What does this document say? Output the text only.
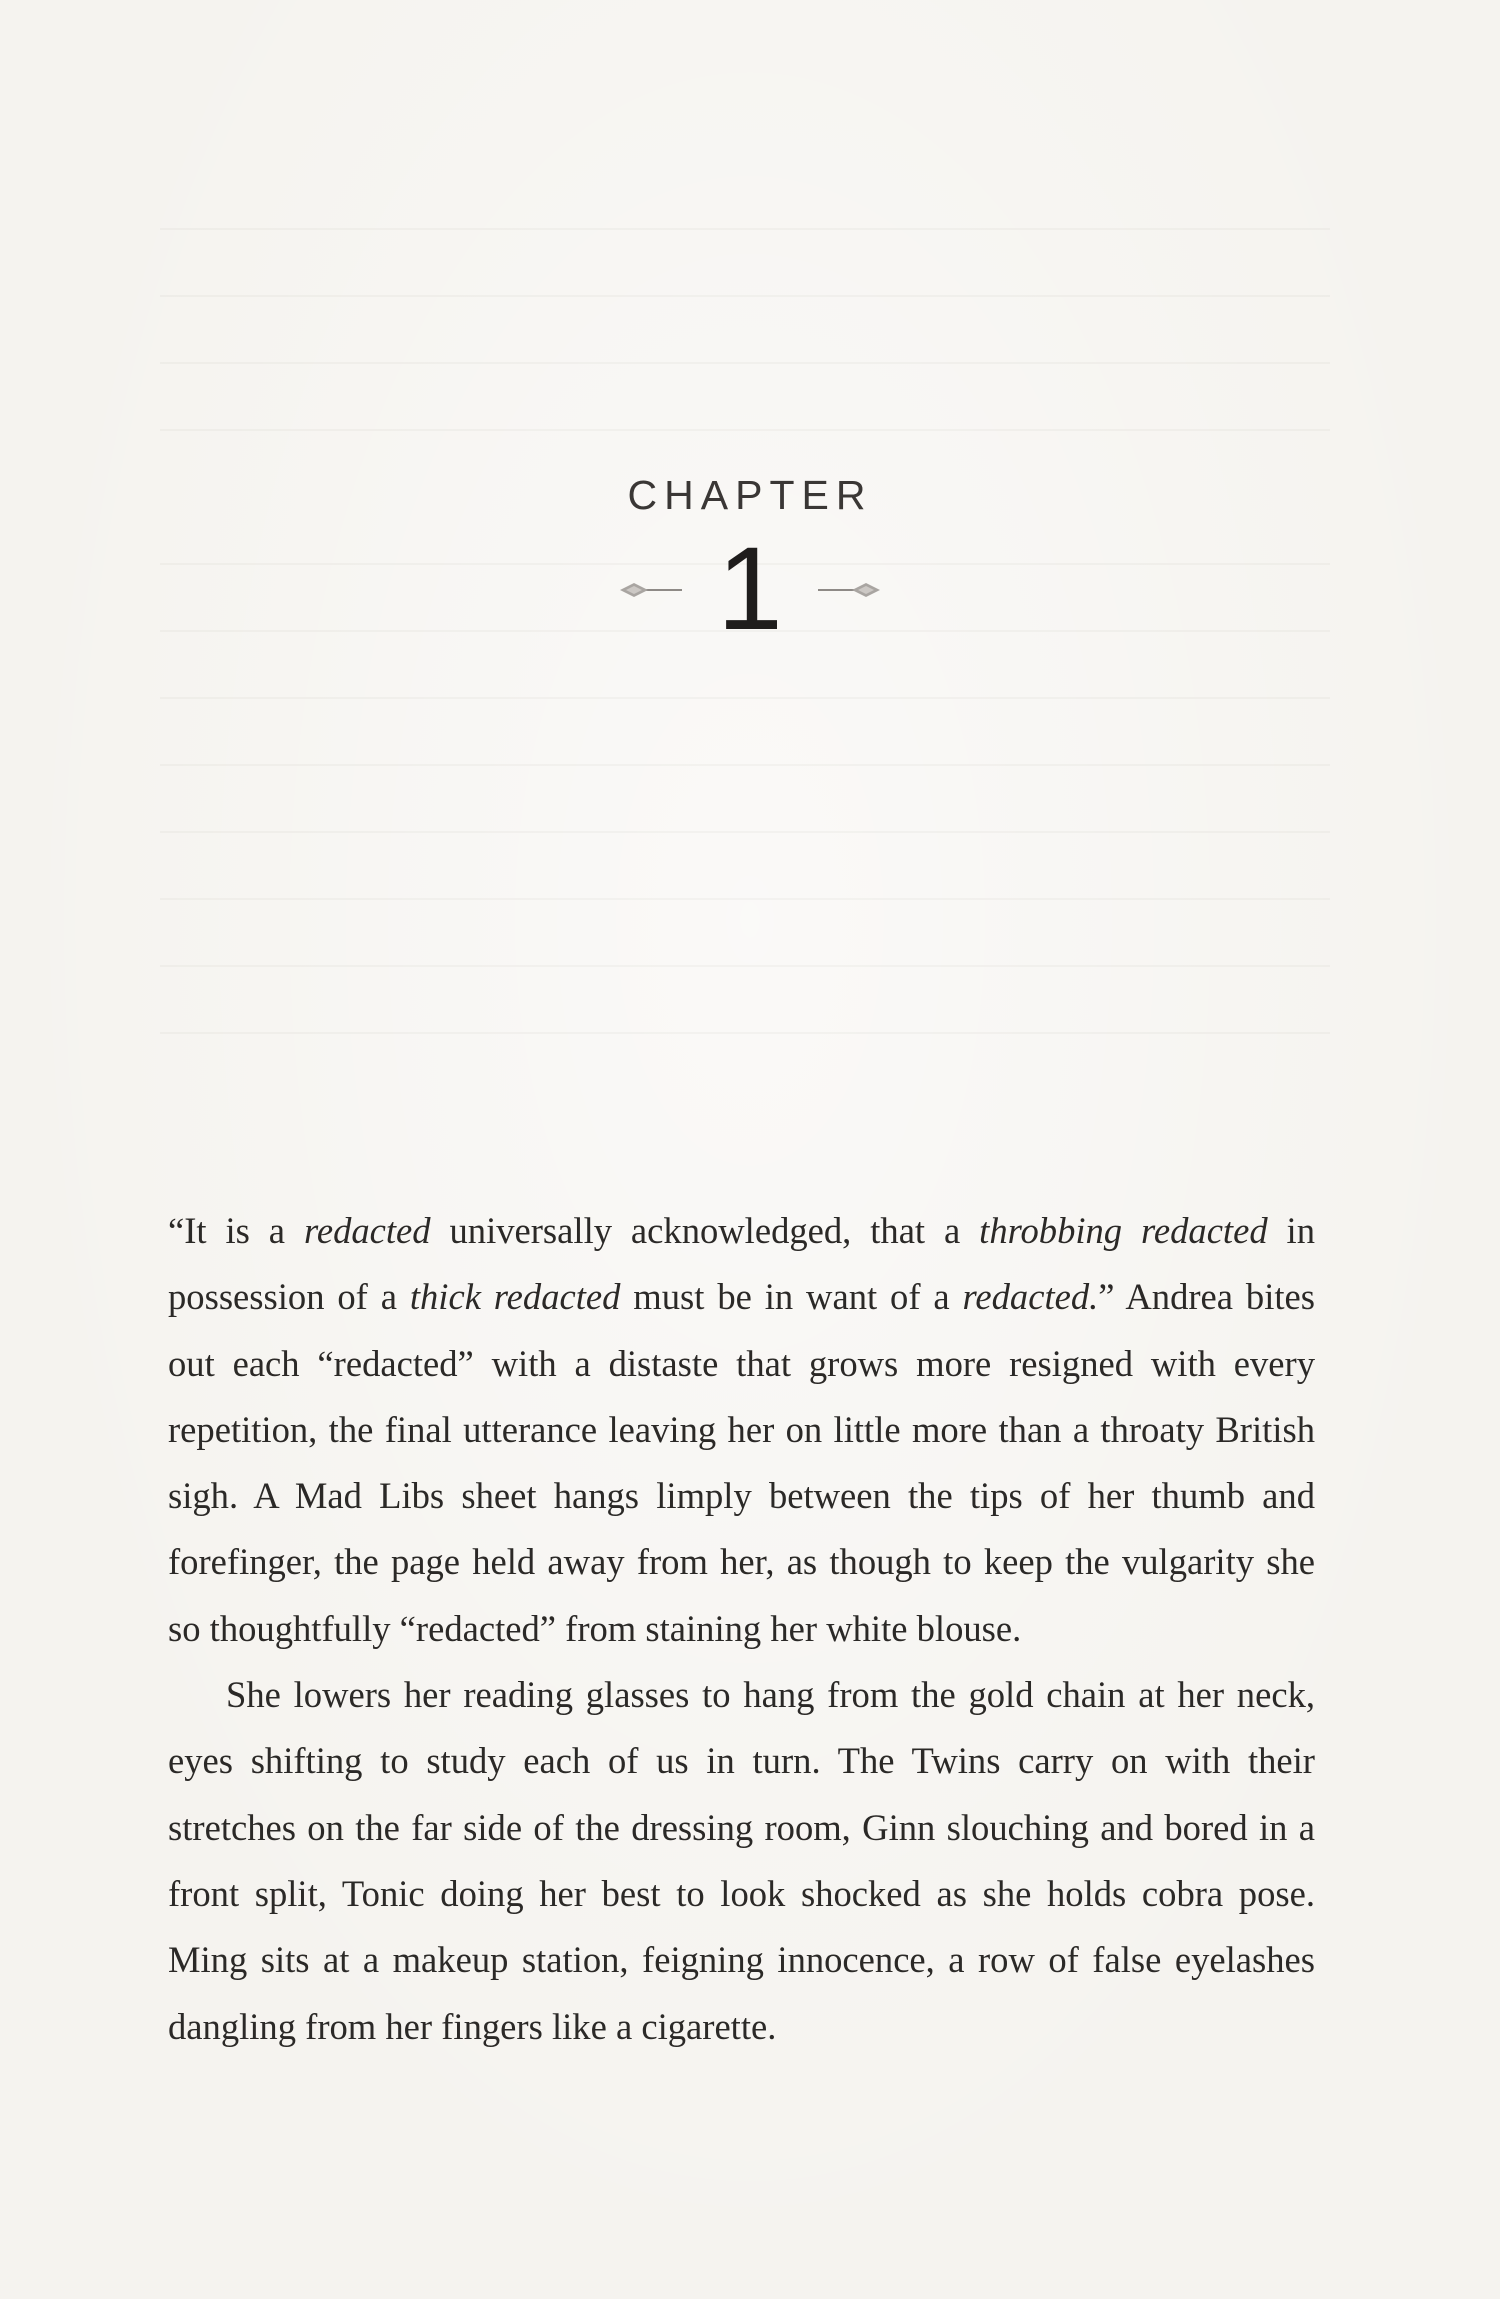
CHAPTER
1

“It is a redacted universally acknowledged, that a throbbing redacted in possession of a thick redacted must be in want of a redacted.” Andrea bites out each “redacted” with a distaste that grows more resigned with every repetition, the final utterance leaving her on little more than a throaty British sigh. A Mad Libs sheet hangs limply between the tips of her thumb and forefinger, the page held away from her, as though to keep the vulgarity she so thoughtfully “redacted” from staining her white blouse.

She lowers her reading glasses to hang from the gold chain at her neck, eyes shifting to study each of us in turn. The Twins carry on with their stretches on the far side of the dressing room, Ginn slouching and bored in a front split, Tonic doing her best to look shocked as she holds cobra pose. Ming sits at a makeup station, feigning innocence, a row of false eyelashes dangling from her fingers like a cigarette.
